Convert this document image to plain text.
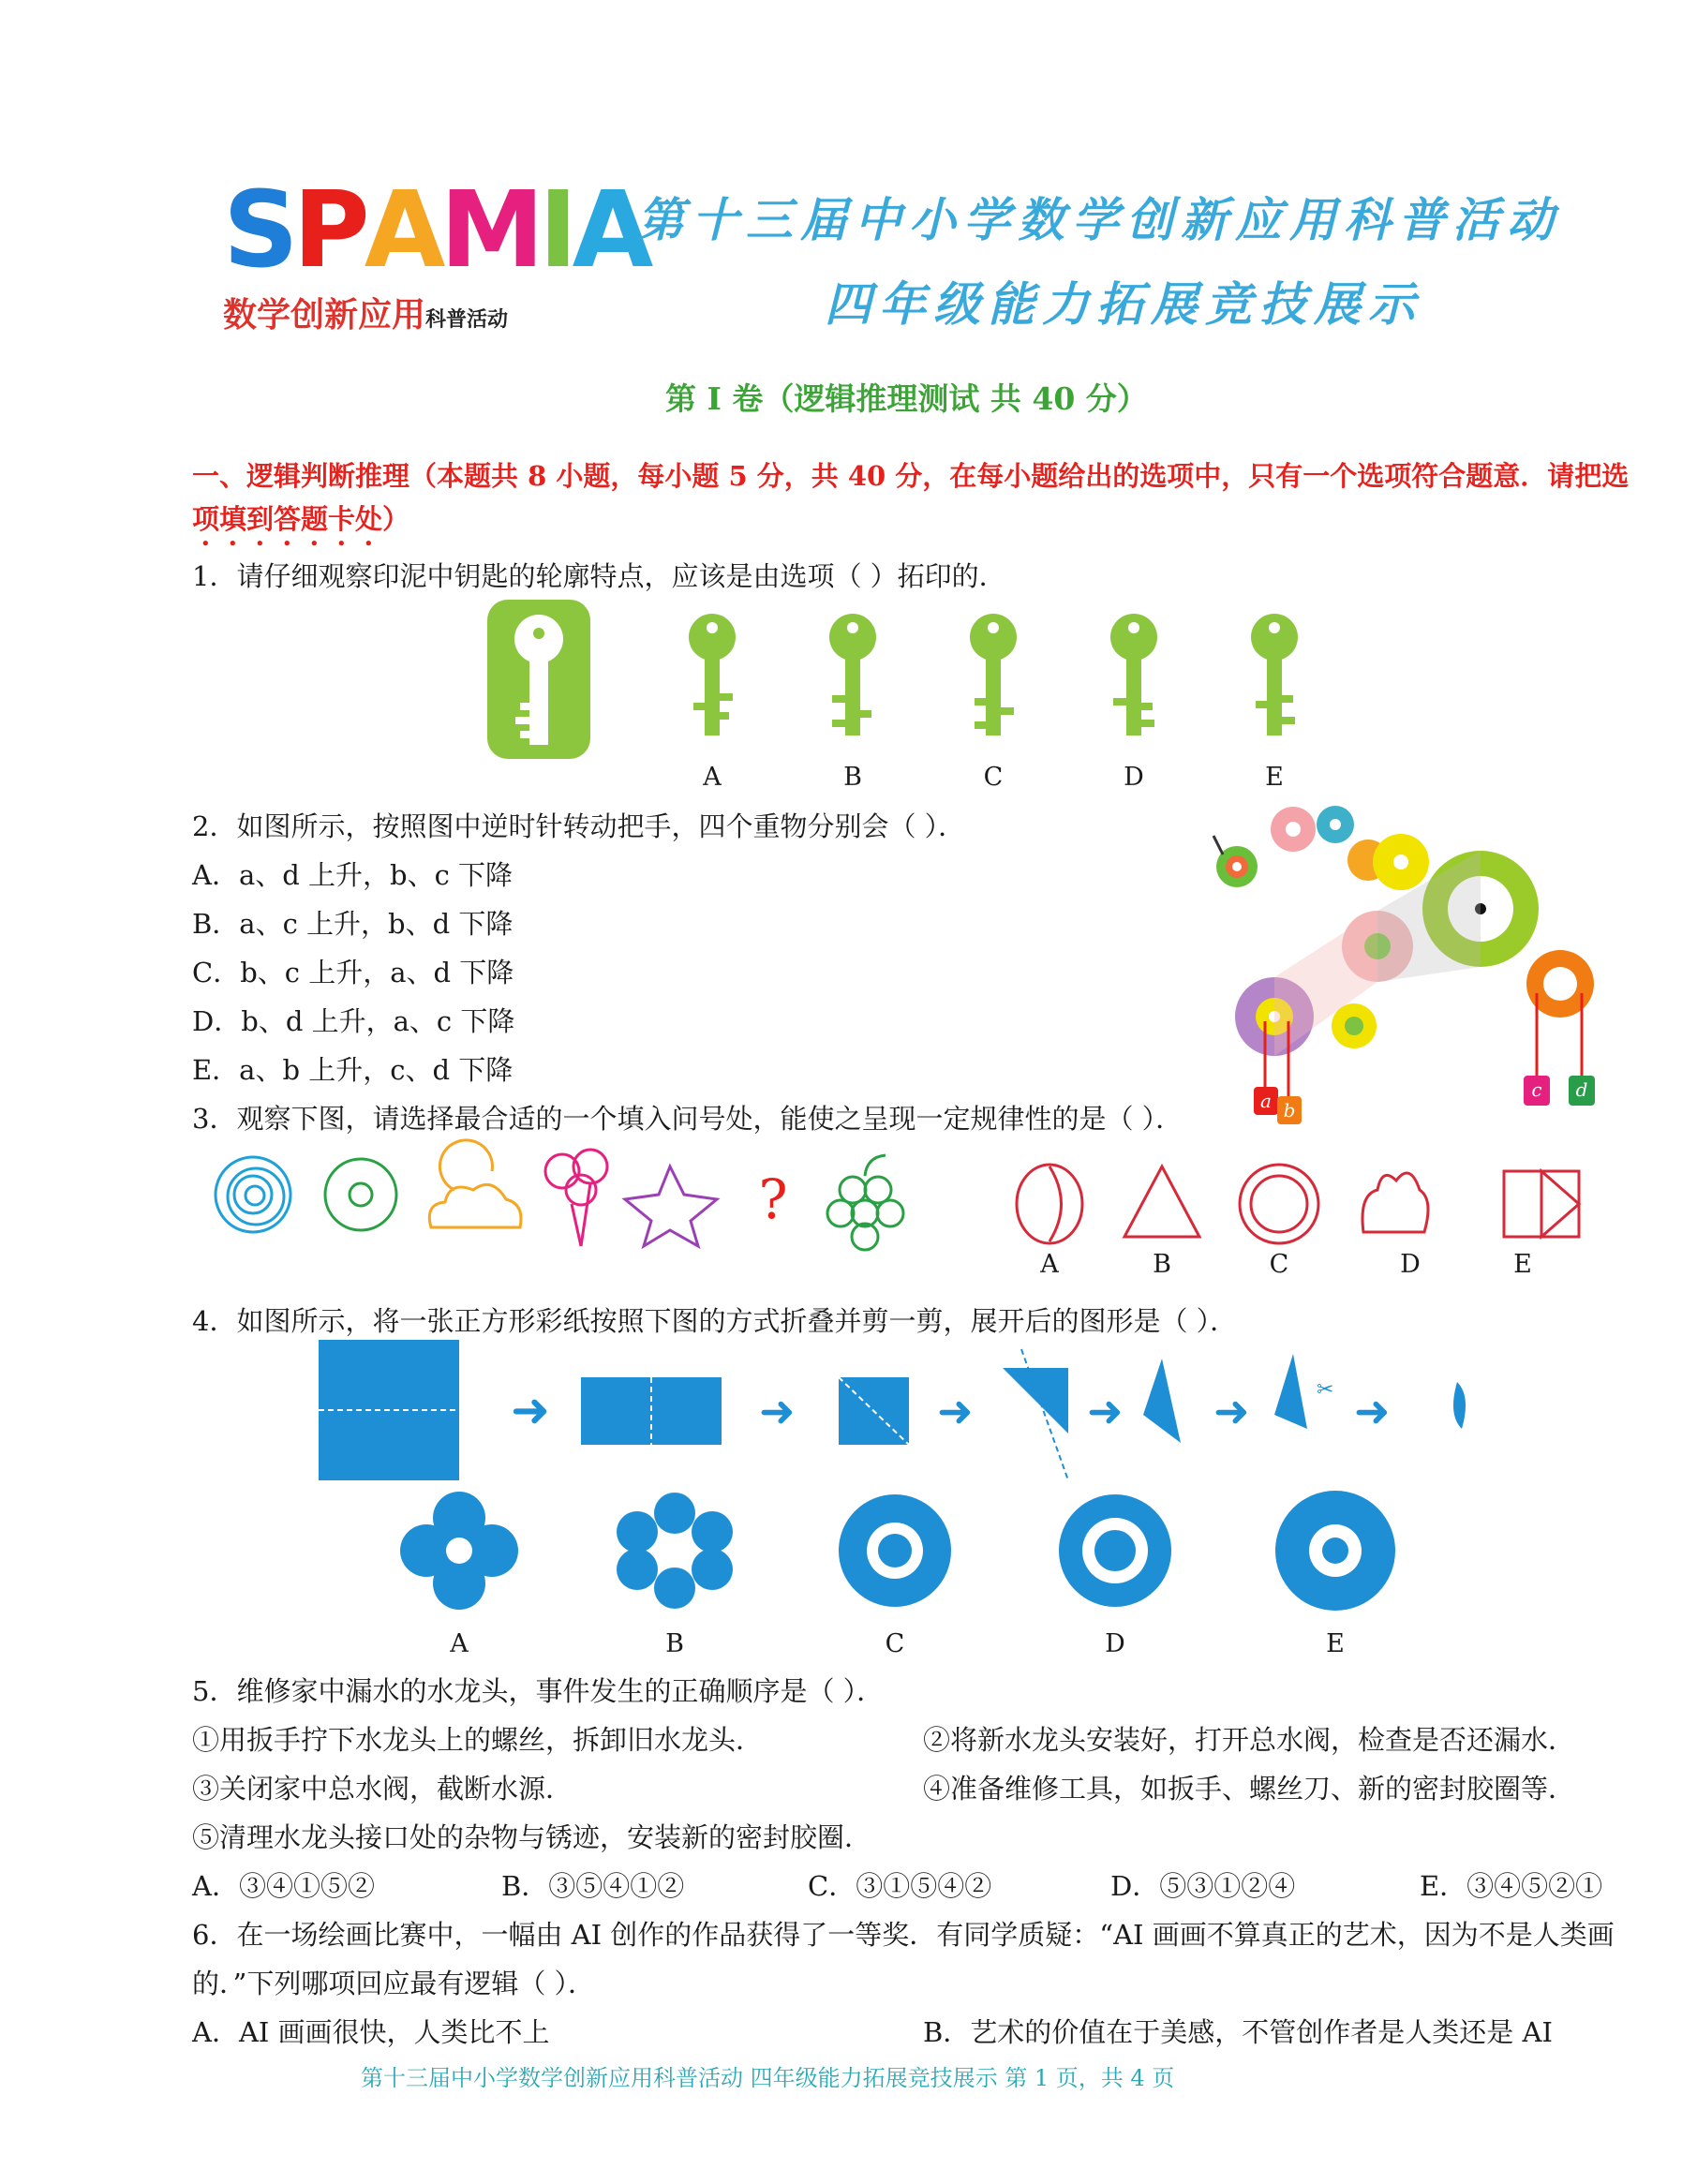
S P A M I A
数学创新应用科普活动
第十三届中小学数学创新应用科普活动
四年级能力拓展竞技展示
第 I 卷（逻辑推理测试 共 40 分）
一、逻辑判断推理（本题共 8 小题，每小题 5 分，共 40 分，在每小题给出的选项中，只有一个选项符合题意．请把选
项填到答题卡处）
1．请仔细观察印泥中钥匙的轮廓特点，应该是由选项（ ）拓印的．
A	B	C	D	E
2．如图所示，按照图中逆时针转动把手，四个重物分别会（ ）．
A．a、d 上升，b、c 下降
B．a、c 上升，b、d 下降
C．b、c 上升，a、d 下降
D．b、d 上升，a、c 下降
E．a、b 上升，c、d 下降
a b
c d
3．观察下图，请选择最合适的一个填入问号处，能使之呈现一定规律性的是（ ）．
?
A	B	C	D	E
4．如图所示，将一张正方形彩纸按照下图的方式折叠并剪一剪，展开后的图形是（ ）．
➜	➜	➜	➜ ➜	✂ ➜
A	B	C	D	E
5．维修家中漏水的水龙头，事件发生的正确顺序是（ ）．
①用扳手拧下水龙头上的螺丝，拆卸旧水龙头．	②将新水龙头安装好，打开总水阀，检查是否还漏水．
③关闭家中总水阀，截断水源．	④准备维修工具，如扳手、螺丝刀、新的密封胶圈等．
⑤清理水龙头接口处的杂物与锈迹，安装新的密封胶圈．
A．③④①⑤②	B．③⑤④①②	C．③①⑤④②	D．⑤③①②④	E．③④⑤②①
6．在一场绘画比赛中，一幅由 AI 创作的作品获得了一等奖．有同学质疑：“AI 画画不算真正的艺术，因为不是人类画
的．”下列哪项回应最有逻辑（ ）．
A．AI 画画很快，人类比不上	B．艺术的价值在于美感，不管创作者是人类还是 AI
第十三届中小学数学创新应用科普活动 四年级能力拓展竞技展示 第 1 页，共 4 页
